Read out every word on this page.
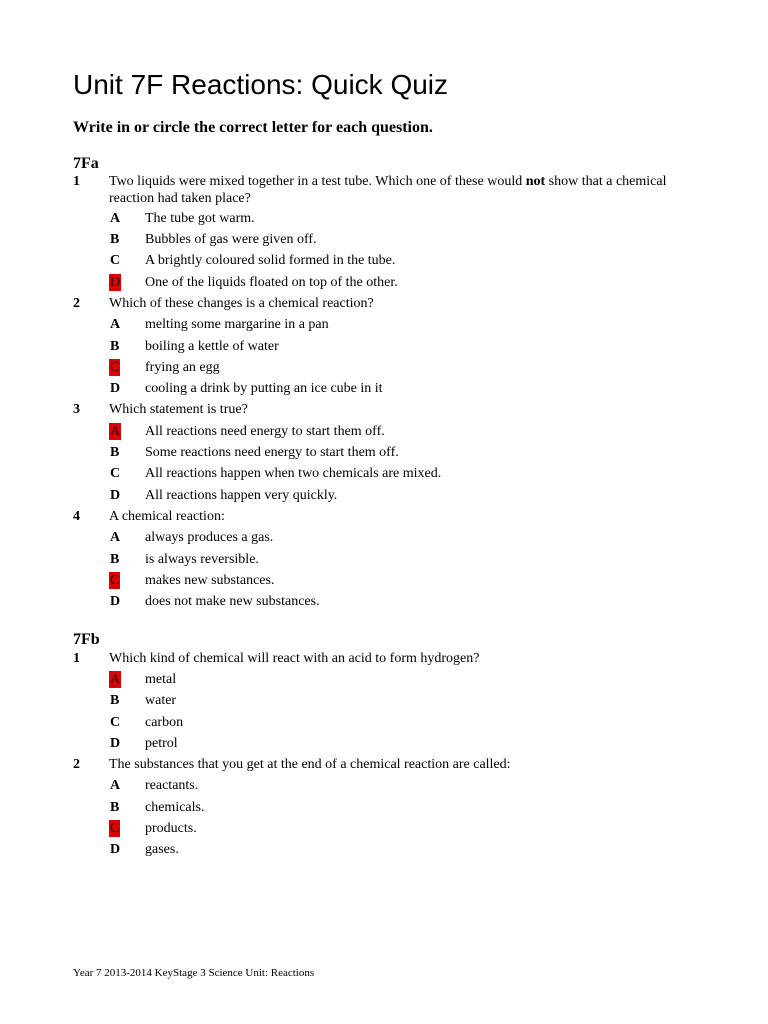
Unit 7F Reactions: Quick Quiz
Write in or circle the correct letter for each question.
7Fa
1 Two liquids were mixed together in a test tube. Which one of these would not show that a chemical reaction had taken place?
A The tube got warm.
B Bubbles of gas were given off.
C A brightly coloured solid formed in the tube.
D One of the liquids floated on top of the other.
2 Which of these changes is a chemical reaction?
A melting some margarine in a pan
B boiling a kettle of water
C frying an egg
D cooling a drink by putting an ice cube in it
3 Which statement is true?
A All reactions need energy to start them off.
B Some reactions need energy to start them off.
C All reactions happen when two chemicals are mixed.
D All reactions happen very quickly.
4 A chemical reaction:
A always produces a gas.
B is always reversible.
C makes new substances.
D does not make new substances.
7Fb
1 Which kind of chemical will react with an acid to form hydrogen?
A metal
B water
C carbon
D petrol
2 The substances that you get at the end of a chemical reaction are called:
A reactants.
B chemicals.
C products.
D gases.
Year 7 2013-2014 KeyStage 3 Science Unit: Reactions
